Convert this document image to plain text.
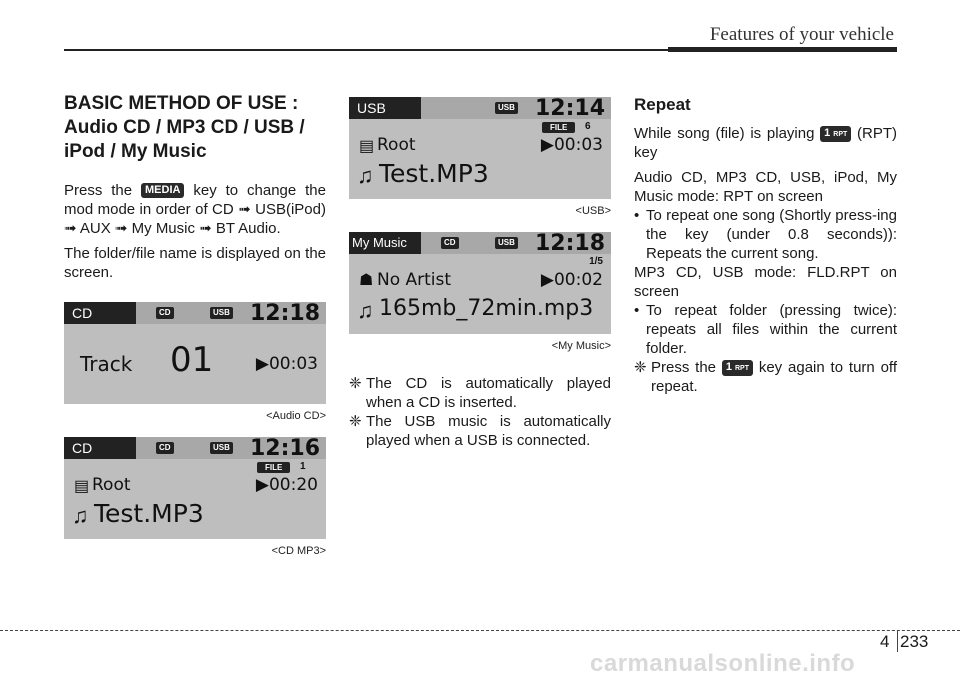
Features of your vehicle
BASIC METHOD OF USE :
Audio CD / MP3 CD / USB /
iPod / My Music

Press the MEDIA key to change the mod mode in order of CD ➟ USB(iPod) ➟ AUX ➟ My Music ➟ BT Audio.

The folder/file name is displayed on the screen.

CD	CD	USB 12:18
Track 01	▶00:03
<Audio CD>
CD	CD	USB 12:16
FILE	1
▤ Root	▶00:20
♫ Test.MP3
<CD MP3>
USB	USB 12:14
FILE	6
▤ Root	▶00:03
♫ Test.MP3
<USB>
My Music	CD	USB 12:18
1/5
☗ No Artist	▶00:02
♫ 165mb_72min.mp3
<My Music>
❈ The CD is automatically played when a CD is inserted.
❈ The USB music is automatically played when a USB is connected.
Repeat

While song (file) is playing 1 RPT (RPT) key

Audio CD, MP3 CD, USB, iPod, My Music mode: RPT on screen

• To repeat one song (Shortly press-ing the key (under 0.8 seconds)): Repeats the current song.

MP3 CD, USB mode: FLD.RPT on screen

• To repeat folder (pressing twice): repeats all files within the current folder.
❈ Press the 1 RPT key again to turn off repeat.
4 233
carmanualsonline.info
